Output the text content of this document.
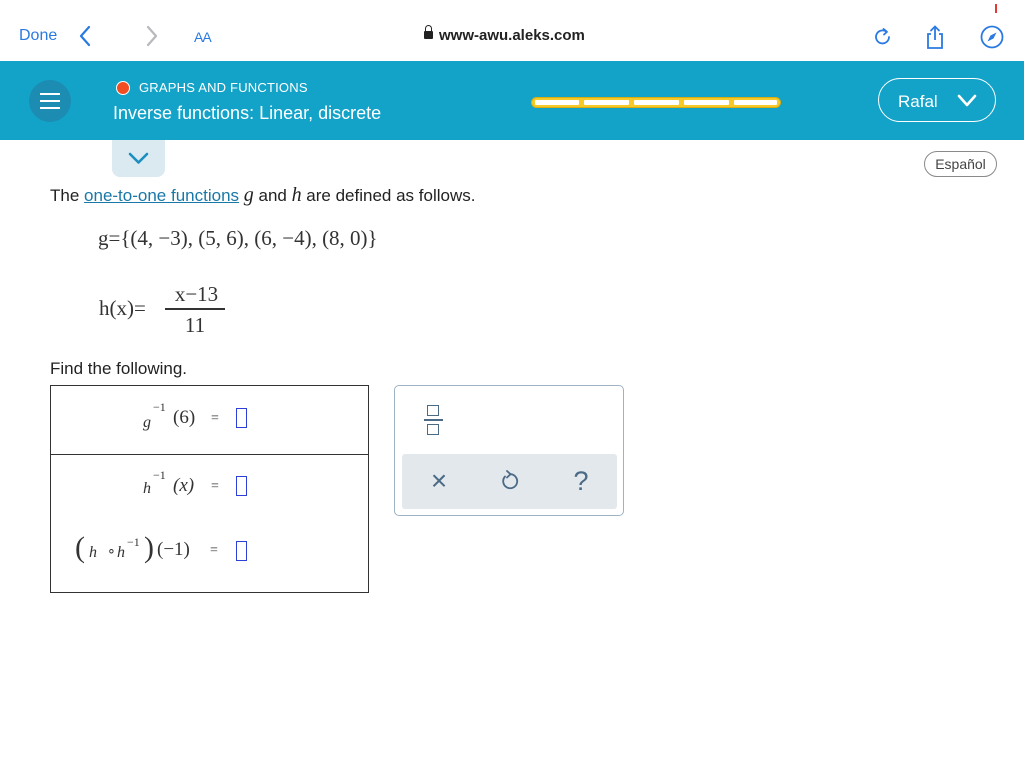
Done	AA	www-awu.aleks.com
GRAPHS AND FUNCTIONS
Inverse functions: Linear, discrete
Rafal
Español
The one-to-one functions g and h are defined as follows.
g={(4, −3), (5, 6), (6, −4), (8, 0)}
h(x)=
x−13
11
Find the following.
g
−1 (6) =
h
−1 (x) =
( h ∘ h
−1 ) (−1) =
×	?
